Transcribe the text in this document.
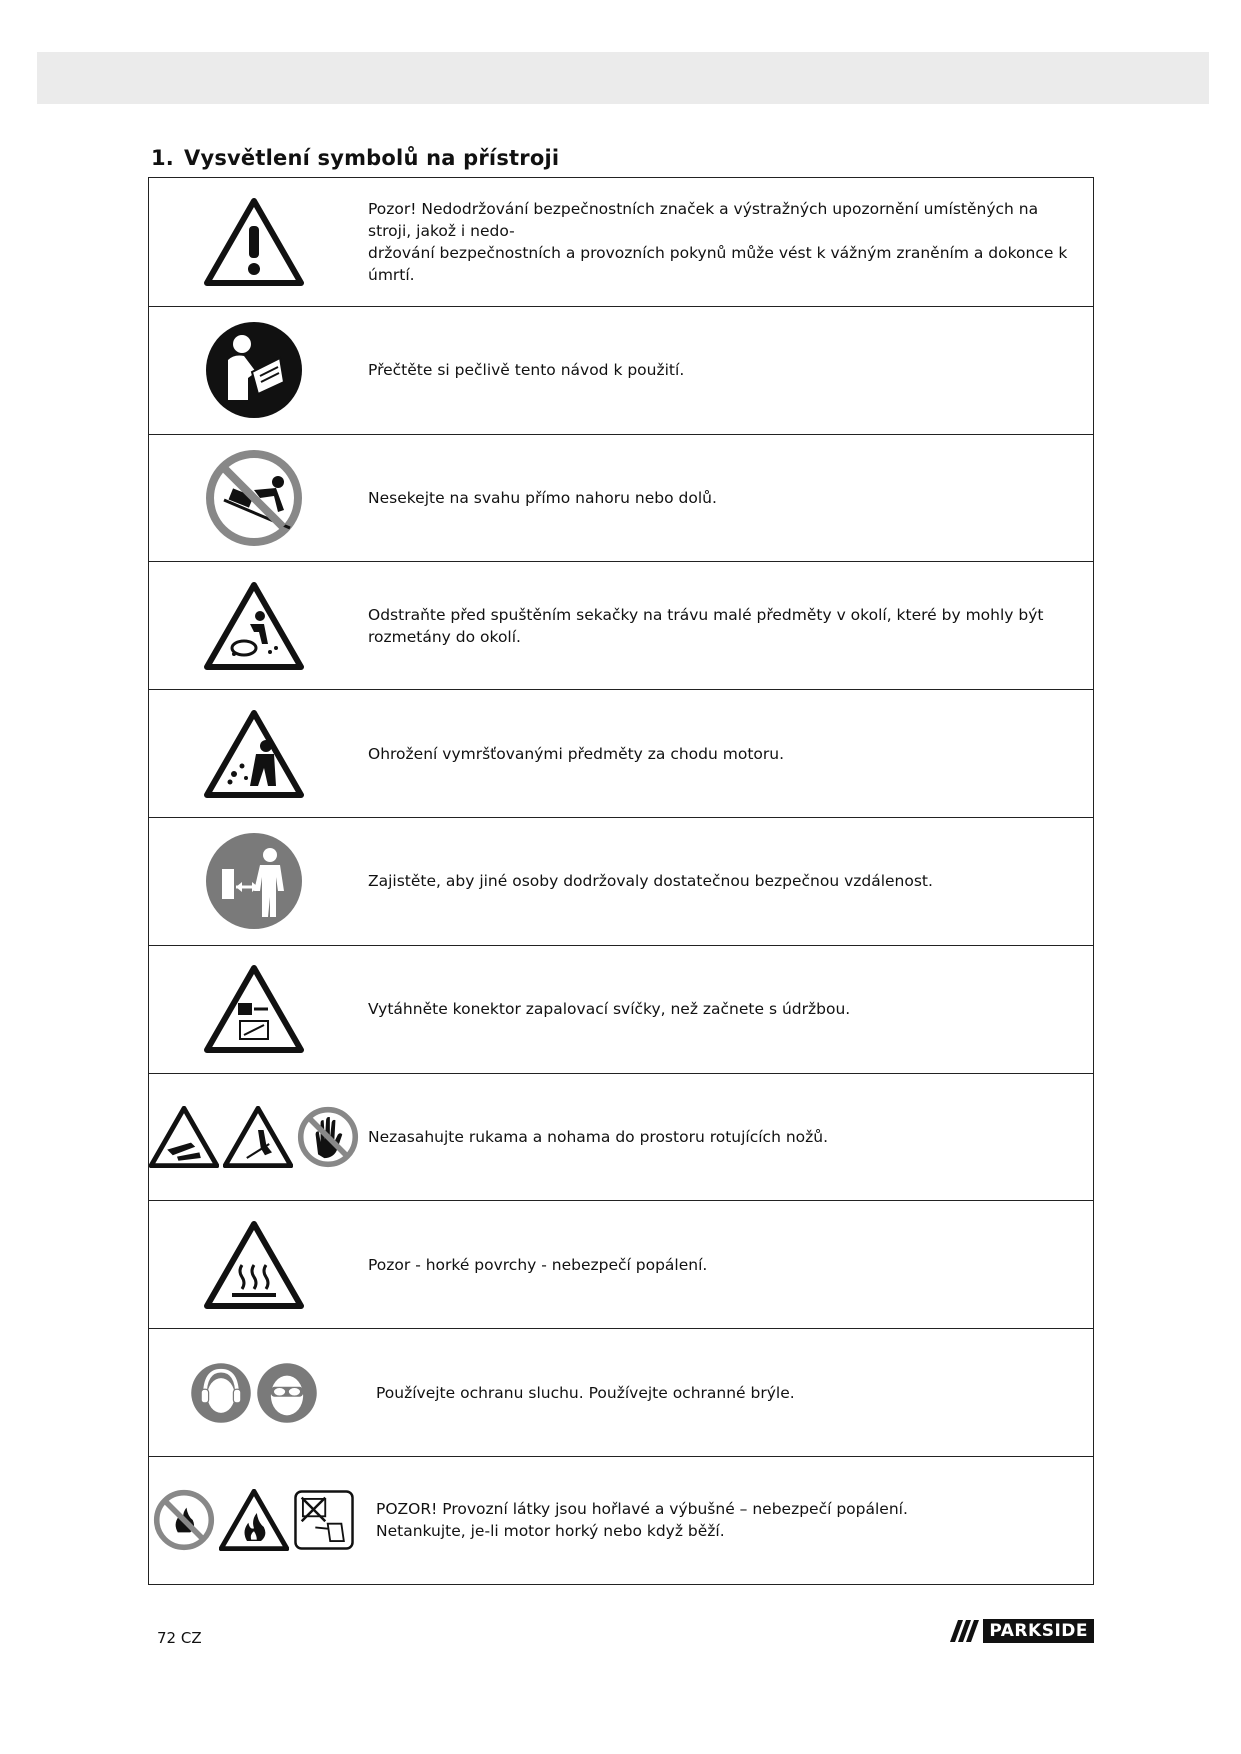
1. Vysvětlení symbolů na přístroji
Pozor! Nedodržování bezpečnostních značek a výstražných upozornění umístěných na stroji, jakož i nedo-
držování bezpečnostních a provozních pokynů může vést k vážným zraněním a dokonce k úmrtí.
Přečtěte si pečlivě tento návod k použití.
Nesekejte na svahu přímo nahoru nebo dolů.
Odstraňte před spuštěním sekačky na trávu malé předměty v okolí, které by mohly být rozmetány do okolí.
Ohrožení vymršťovanými předměty za chodu motoru.
Zajistěte, aby jiné osoby dodržovaly dostatečnou bezpečnou vzdálenost.
Vytáhněte konektor zapalovací svíčky, než začnete s údržbou.
Nezasahujte rukama a nohama do prostoru rotujících nožů.
Pozor - horké povrchy - nebezpečí popálení.
Používejte ochranu sluchu. Používejte ochranné brýle.
POZOR! Provozní látky jsou hořlavé a výbušné – nebezpečí popálení.
Netankujte, je-li motor horký nebo když běží.
72 CZ	PARKSIDE
